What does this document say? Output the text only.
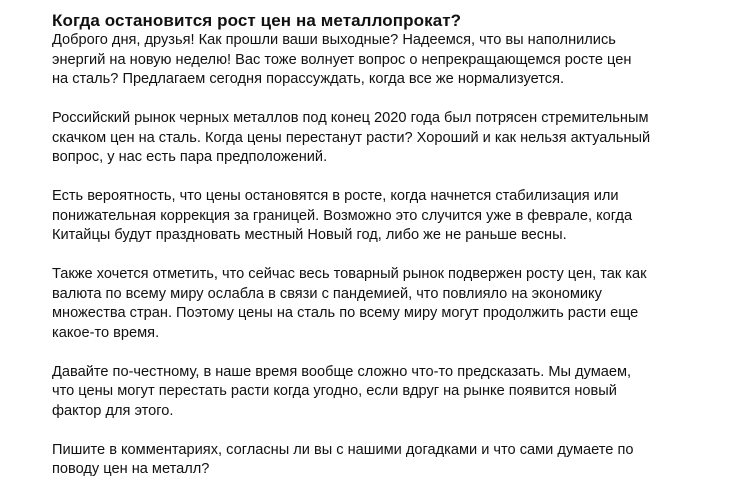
Когда остановится рост цен на металлопрокат?

Доброго дня, друзья! Как прошли ваши выходные? Надеемся, что вы наполнились
энергий на новую неделю! Вас тоже волнует вопрос о непрекращающемся росте цен
на сталь? Предлагаем сегодня порассуждать, когда все же нормализуется.

Российский рынок черных металлов под конец 2020 года был потрясен стремительным
скачком цен на сталь. Когда цены перестанут расти? Хороший и как нельзя актуальный
вопрос, у нас есть пара предположений.

Есть вероятность, что цены остановятся в росте, когда начнется стабилизация или
понижательная коррекция за границей. Возможно это случится уже в феврале, когда
Китайцы будут праздновать местный Новый год, либо же не раньше весны.

Также хочется отметить, что сейчас весь товарный рынок подвержен росту цен, так как
валюта по всему миру ослабла в связи с пандемией, что повлияло на экономику
множества стран. Поэтому цены на сталь по всему миру могут продолжить расти еще
какое-то время.

Давайте по-честному, в наше время вообще сложно что-то предсказать. Мы думаем,
что цены могут перестать расти когда угодно, если вдруг на рынке появится новый
фактор для этого.

Пишите в комментариях, согласны ли вы с нашими догадками и что сами думаете по
поводу цен на металл?
